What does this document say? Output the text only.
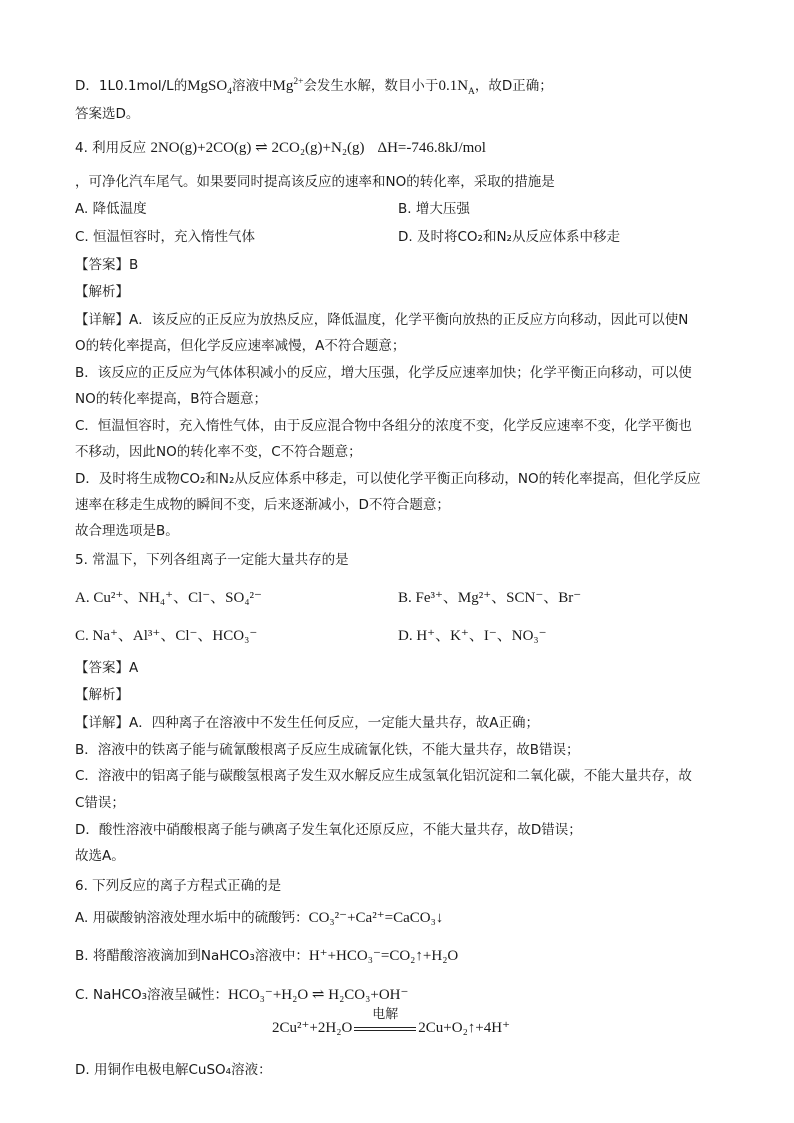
D．1L0.1mol/L的MgSO$_4$溶液中$Mg^{2+}$会发生水解，数目小于$0.1N_A$，故D正确；
答案选D。
4. 利用反应 2NO(g)+2CO(g) ⇌ 2CO₂(g)+N₂(g) ΔH=-746.8kJ/mol
，可净化汽车尾气。如果要同时提高该反应的速率和NO的转化率，采取的措施是
A. 降低温度	B. 增大压强
C. 恒温恒容时，充入惰性气体	D. 及时将CO₂和N₂从反应体系中移走
【答案】B
【解析】
【详解】A．该反应的正反应为放热反应，降低温度，化学平衡向放热的正反应方向移动，因此可以使N
O的转化率提高，但化学反应速率减慢，A不符合题意；
B．该反应的正反应为气体体积减小的反应，增大压强，化学反应速率加快；化学平衡正向移动，可以使
NO的转化率提高，B符合题意；
C．恒温恒容时，充入惰性气体，由于反应混合物中各组分的浓度不变，化学反应速率不变，化学平衡也
不移动，因此NO的转化率不变，C不符合题意；
D．及时将生成物CO₂和N₂从反应体系中移走，可以使化学平衡正向移动，NO的转化率提高，但化学反应
速率在移走生成物的瞬间不变，后来逐渐减小，D不符合题意；
故合理选项是B。
5. 常温下，下列各组离子一定能大量共存的是
A. Cu²⁺、NH₄⁺、Cl⁻、SO₄²⁻	B. Fe³⁺、Mg²⁺、SCN⁻、Br⁻
C. Na⁺、Al³⁺、Cl⁻、HCO₃⁻	D. H⁺、K⁺、I⁻、NO₃⁻
【答案】A
【解析】
【详解】A．四种离子在溶液中不发生任何反应，一定能大量共存，故A正确；
B．溶液中的铁离子能与硫氰酸根离子反应生成硫氰化铁，不能大量共存，故B错误；
C．溶液中的铝离子能与碳酸氢根离子发生双水解反应生成氢氧化铝沉淀和二氧化碳，不能大量共存，故
C错误；
D．酸性溶液中硝酸根离子能与碘离子发生氧化还原反应，不能大量共存，故D错误；
故选A。
6. 下列反应的离子方程式正确的是
A. 用碳酸钠溶液处理水垢中的硫酸钙：CO₃²⁻+Ca²⁺=CaCO₃↓
B. 将醋酸溶液滴加到NaHCO₃溶液中：H⁺+HCO₃⁻=CO₂↑+H₂O
C. NaHCO₃溶液呈碱性：HCO₃⁻+H₂O ⇌ H₂CO₃+OH⁻
2Cu²⁺+2H₂O
电解
2Cu+O₂↑+4H⁺
D. 用铜作电极电解CuSO₄溶液：
